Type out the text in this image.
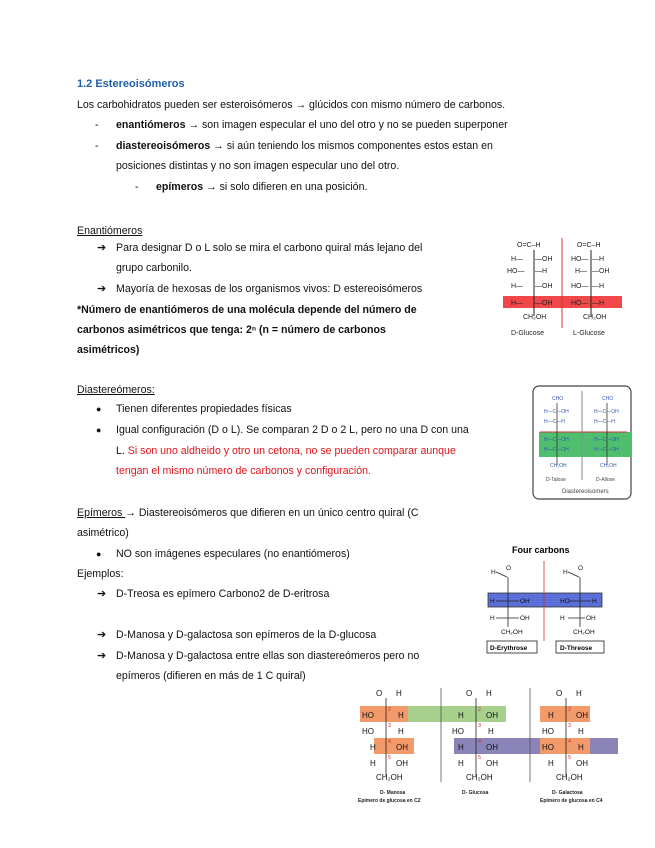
1.2 Estereoisómeros
Los carbohidratos pueden ser esteroisómeros → glúcidos con mismo número de carbonos.
- enantiómeros → son imagen especular el uno del otro y no se pueden superponer
- diastereoisómeros → si aún teniendo los mismos componentes estos estan en
posiciones distintas y no son imagen especular uno del otro.
- epímeros → si solo difieren en una posición.
Enantiómeros
➔ Para designar D o L solo se mira el carbono quiral más lejano del
grupo carbonilo.
➔ Mayoría de hexosas de los organismos vivos: D estereoisómeros
*Número de enantiómeros de una molécula depende del número de
carbonos asimétricos que tenga: 2ⁿ (n = número de carbonos
asimétricos)
O=C–H	O=C–H
H— —OH
HO— —H
H— —OH
H— —OH
CH₂OH
HO— —H
H— —OH
HO— —H
HO— —H
CH₂OH
D-Glucose	L-Glucose
Diastereómeros:
● Tienen diferentes propiedades físicas
● Igual configuración (D o L). Se comparan 2 D o 2 L, pero no una D con una
L. Si son uno aldheido y otro un cetona, no se pueden comparar aunque
tengan el mismo número de carbonos y configuración.
CHO	CHO
H—C—OH	H—C—OH
H—C—H	H—C—H
H—C—OH	H—C—OH
H—C—OH	H—C—OH
CH₂OH	CH₂OH
D-Talose	D-Allose
Diastereoisomers
Epímeros → Diastereoisómeros que difieren en un único centro quiral (C
asimétrico)
● NO son imágenes especulares (no enantiómeros)
Ejemplos:
➔ D-Treosa es epímero Carbono2 de D-eritrosa
➔ D-Manosa y D-galactosa son epímeros de la D-glucosa
➔ D-Manosa y D-galactosa entre ellas son diastereómeros pero no
epímeros (difieren en más de 1 C quiral)
Four carbons
H
O
H
O
H	OH	HO	H
H	OH	H	OH
CH₂OH	CH₂OH
D-Erythrose	D-Threose
O H
HO	H
HO	H
H	OH
H	OH
CH₂OH
O H
H	OH
HO	H
H	OH
H	OH
CH₂OH
O H
H	OH
HO	H
HO	H
H	OH
CH₂OH
2
3
4
5
2
3
4
5
2
3
4
5
D- Manosa
Epímero de glucosa en C2
D- Glucosa	D- Galactosa
Epímero de glucosa en C4
